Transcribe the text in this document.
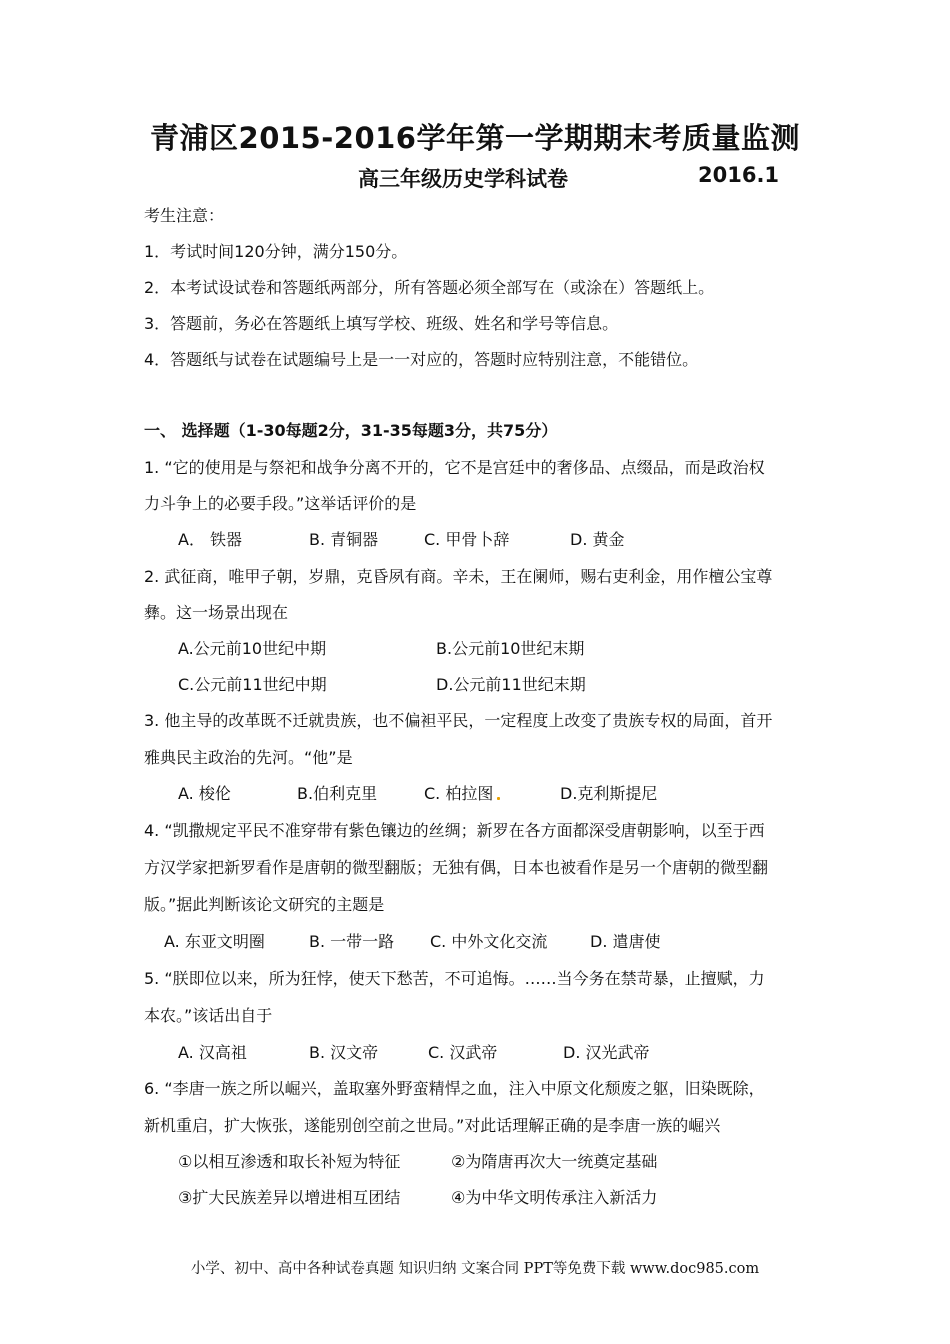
青浦区2015-2016学年第一学期期末考质量监测
高三年级历史学科试卷	2016.1
考生注意：
1．考试时间120分钟，满分150分。
2．本考试设试卷和答题纸两部分，所有答题必须全部写在（或涂在）答题纸上。
3．答题前，务必在答题纸上填写学校、班级、姓名和学号等信息。
4．答题纸与试卷在试题编号上是一一对应的，答题时应特别注意，不能错位。
一、 选择题（1-30每题2分，31-35每题3分，共75分）
1. “它的使用是与祭祀和战争分离不开的，它不是宫廷中的奢侈品、点缀品，而是政治权
力斗争上的必要手段。”这举话评价的是
A． 铁器	B. 青铜器	C. 甲骨卜辞	D. 黄金
2. 武征商，唯甲子朝，岁鼎，克昏夙有商。辛未，王在阑师，赐右吏利金，用作檀公宝尊
彝。这一场景出现在
A.公元前10世纪中期	B.公元前10世纪末期
C.公元前11世纪中期	D.公元前11世纪末期
3. 他主导的改革既不迁就贵族，也不偏袒平民，一定程度上改变了贵族专权的局面，首开
雅典民主政治的先河。“他”是
A. 梭伦	B.伯利克里	C. 柏拉图	D.克利斯提尼
4. “凯撒规定平民不准穿带有紫色镶边的丝绸；新罗在各方面都深受唐朝影响，以至于西
方汉学家把新罗看作是唐朝的微型翻版；无独有偶，日本也被看作是另一个唐朝的微型翻
版。”据此判断该论文研究的主题是
A. 东亚文明圈	B. 一带一路 C. 中外文化交流	D. 遣唐使
5. “朕即位以来，所为狂悖，使天下愁苦，不可追悔。……当今务在禁苛暴，止擅赋，力
本农。”该话出自于
A. 汉高祖	B. 汉文帝	C. 汉武帝	D. 汉光武帝
6. “李唐一族之所以崛兴，盖取塞外野蛮精悍之血，注入中原文化颓废之躯，旧染既除，
新机重启，扩大恢张，遂能别创空前之世局。”对此话理解正确的是李唐一族的崛兴
①以相互渗透和取长补短为特征	②为隋唐再次大一统奠定基础
③扩大民族差异以增进相互团结	④为中华文明传承注入新活力
小学、初中、高中各种试卷真题 知识归纳 文案合同 PPT等免费下载 www.doc985.com
